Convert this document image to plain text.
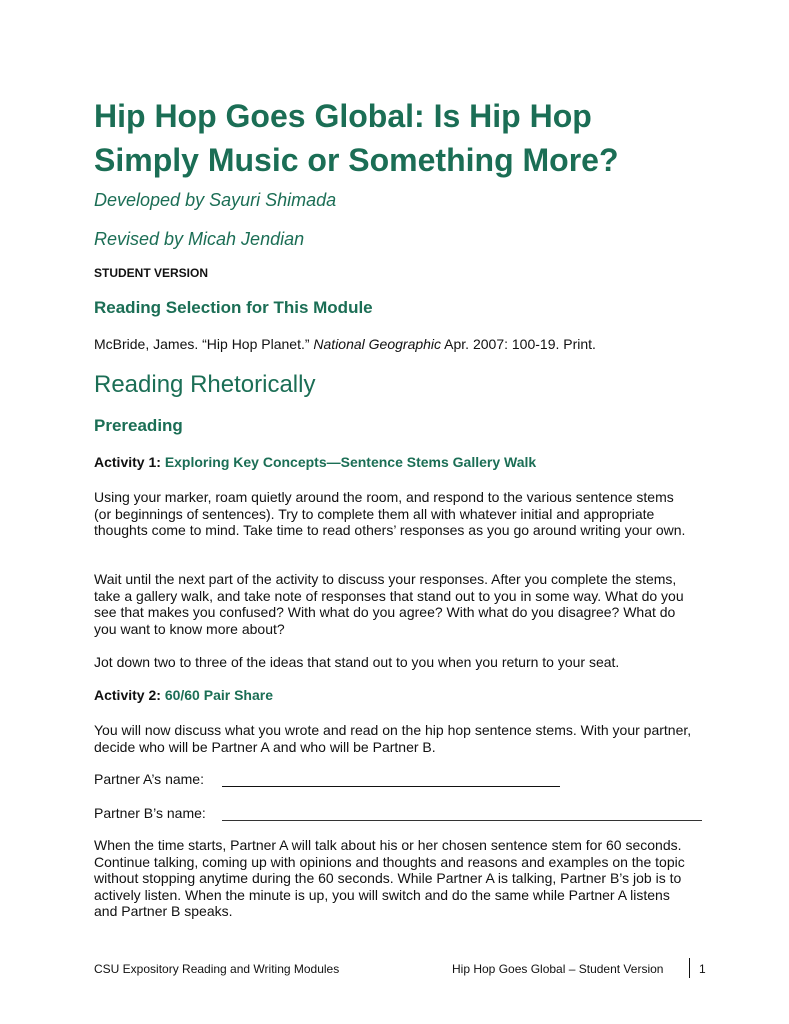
Hip Hop Goes Global: Is Hip Hop Simply Music or Something More?

Developed by Sayuri Shimada

Revised by Micah Jendian

STUDENT VERSION
Reading Selection for This Module

McBride, James. “Hip Hop Planet.” National Geographic Apr. 2007: 100-19. Print.

Reading Rhetorically
Prereading

Activity 1: Exploring Key Concepts—Sentence Stems Gallery Walk

Using your marker, roam quietly around the room, and respond to the various sentence stems (or beginnings of sentences). Try to complete them all with whatever initial and appropriate thoughts come to mind. Take time to read others’ responses as you go around writing your own.

Wait until the next part of the activity to discuss your responses. After you complete the stems, take a gallery walk, and take note of responses that stand out to you in some way. What do you see that makes you confused? With what do you agree? With what do you disagree? What do you want to know more about?

Jot down two to three of the ideas that stand out to you when you return to your seat.

Activity 2: 60/60 Pair Share

You will now discuss what you wrote and read on the hip hop sentence stems. With your partner, decide who will be Partner A and who will be Partner B.

Partner A’s name:
Partner B’s name:

When the time starts, Partner A will talk about his or her chosen sentence stem for 60 seconds. Continue talking, coming up with opinions and thoughts and reasons and examples on the topic without stopping anytime during the 60 seconds. While Partner A is talking, Partner B’s job is to actively listen. When the minute is up, you will switch and do the same while Partner A listens and Partner B speaks.

CSU Expository Reading and Writing Modules	Hip Hop Goes Global – Student Version	1
